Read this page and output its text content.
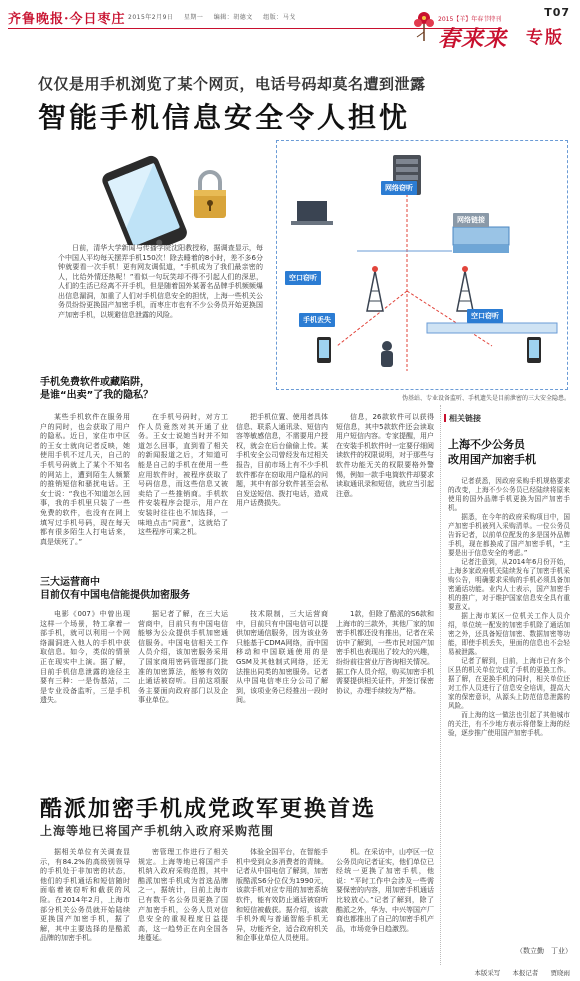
齐鲁晚报·今日枣庄 2015年2月9日 星期一 编辑：胡德文 组版：马戈	2015【羊】年春节特刊
春来来
T07
专版
仅仅是用手机浏览了某个网页，电话号码却莫名遭到泄露
智能手机信息安全令人担忧
日前，清华大学新闻与传播学院沈阳教授称，据调查显示，每个中国人平均每天摆弄手机150次！除去睡着的8小时，差不多6分钟就要看一次手机！更有网友调侃道，“手机成为了我们最亲密的人，比给外情还热呢！”看似一句玩笑却不得不引起人们的深思，人们的生活已经离不开手机，但是随着国外某著名品牌手机频频爆出信息漏洞，加重了人们对手机信息安全的担忧，上海一些机关公务员纷纷更换国产加密手机，而枣庄市也有不少公务员开始更换国产加密手机，以规避信息泄露的风险。
网络窃听
网络链接
空口窃听
空口窃听
手机丢失
伪基站、专业设备监听、手机遗失是目前泄密的三大安全隐患。
手机免费软件或藏陷阱，
是谁“出卖”了我的隐私？
某些手机软件在服务用户的同时，也会获取了用户的隐私。近日，家住市中区的王女士就向记者反映，她使用手机不过几天，自己的手机号码就上了某个不知名的网站上，遭到陌生人频繁的推销短信和骚扰电话。王女士说：“我也不知道怎么回事，我的手机里只装了一些免费的软件，也没有在网上填写过手机号码，现在每天都有很多陌生人打电话来，真是烦死了。”
在手机号码时，对方工作人员竟然对其开通了业务。王女士说她当时并不知道怎么回事，直到看了相关的新闻报道之后，才知道可能是自己的手机在使用一些应用软件时，被程序获取了号码信息，而这些信息又被卖给了一些推销商。手机软件安装程序会提示，用户在安装时往往也不加选择，一味地点击“同意”，这就给了这些程序可乘之机。
把手机位置、使用者具体信息、联系人通讯录、短信内容等敏感信息，不需要用户授权，就会在后台偷偷上传。某手机安全公司曾经发布过相关报告，目前市场上有不少手机软件都存在窃取用户隐私的问题，其中有部分软件甚至会私自发送短信、拨打电话，造成用户话费损失。
信息，26款软件可以获得短信息，其中5款软件还会读取用户短信内容。专家提醒，用户在安装手机软件时一定要仔细阅读软件的权限说明，对于那些与软件功能无关的权限要格外警惕，例如一款手电筒软件却要求读取通讯录和短信，就应当引起注意。
三大运营商中
目前仅有中国电信能提供加密服务
电影《007》中曾出现这样一个场景，特工拿着一部手机，就可以利用一个网络漏洞进入他人的手机中获取信息。如今，类似的情景正在现实中上演。据了解，目前手机信息泄露的途径主要有三种：一是伪基站，二是专业设备监听，三是手机遗失。
据记者了解，在三大运营商中，目前只有中国电信能够为公众提供手机加密通信服务。中国电信相关工作人员介绍，该加密服务采用了国家商用密码管理部门批准的加密算法，能够有效防止通话被窃听。目前这项服务主要面向政府部门以及企事业单位。
技术限制，三大运营商中，目前只有中国电信可以提供加密通信服务，因为该业务只能基于CDMA网络，而中国移动和中国联通使用的是GSM及其他制式网络，还无法推出同类的加密服务。记者从中国电信枣庄分公司了解到，该项业务已经推出一段时间。
1款，但除了酷派的S6款和上海市的三款外，其他厂家的加密手机都还没有推出，记者在采访中了解到，一些市民对国产加密手机也表现出了较大的兴趣，纷纷前往营业厅咨询相关情况。据工作人员介绍，购买加密手机需要提供相关证件，并签订保密协议，办理手续较为严格。
酷派加密手机成党政军更换首选
上海等地已将国产手机纳入政府采购范围
据相关单位有关调查显示，有84.2%的高级别领导的手机处于非加密的状态，他们的手机通话和短信随时面临着被窃听和截获的风险。在2014年2月，上海市部分机关公务员就开始陆续更换国产加密手机，据了解，其中主要选择的是酷派品牌的加密手机。
密管理工作进行了相关规定。上海等地已将国产手机纳入政府采购范围，其中酷派加密手机成为首选品牌之一，据统计，目前上海市已有数千名公务员更换了国产加密手机，公务人员对信息安全的重视程度日益提高，这一趋势正在向全国各地蔓延。
体验全国平台，在智能手机中受到众多消费者的青睐。记者从中国电信了解到，加密版酷派S6分位仅为1990元，该款手机对应专用的加密系统软件，能有效防止通话被窃听和短信被截获。据介绍，该款手机外观与普通智能手机无异，功能齐全，适合政府机关和企事业单位人员使用。
机。在采访中，山亭区一位公务员向记者证实，他们单位已经统一更换了加密手机，他说：“平时工作中会涉及一些需要保密的内容，用加密手机通话比较放心。”记者了解到，除了酷派之外，华为、中兴等国产厂商也都推出了自己的加密手机产品，市场竞争日趋激烈。
相关链接
上海不少公务员
改用国产加密手机

记者获悉，因政府采购手机规格要求的改变，上海不少公务员已经陆续将原来使用的国外品牌手机更换为国产加密手机。

据悉，在今年的政府采购项目中，国产加密手机被列入采购清单。一位公务员告诉记者，以前单位配发的多是国外品牌手机，现在都换成了国产加密手机，“主要是出于信息安全的考虑。”

记者注意到，从2014年6月份开始，上海多家政府机关陆续发布了加密手机采购公告，明确要求采购的手机必须具备加密通话功能。业内人士表示，国产加密手机的推广，对于维护国家信息安全具有重要意义。

据上海市某区一位机关工作人员介绍，单位统一配发的加密手机除了通话加密之外，还具备短信加密、数据加密等功能，即使手机丢失，里面的信息也不会轻易被泄露。

记者了解到，目前，上海市已有多个区县的机关单位完成了手机的更换工作。据了解，在更换手机的同时，相关单位还对工作人员进行了信息安全培训，提高大家的保密意识，从源头上防范信息泄露的风险。

而上海的这一做法也引起了其他城市的关注，有不少地方表示将借鉴上海的经验，逐步推广使用国产加密手机。

（数立勤　丁业）
本版采写 本报记者 贾晓雨
